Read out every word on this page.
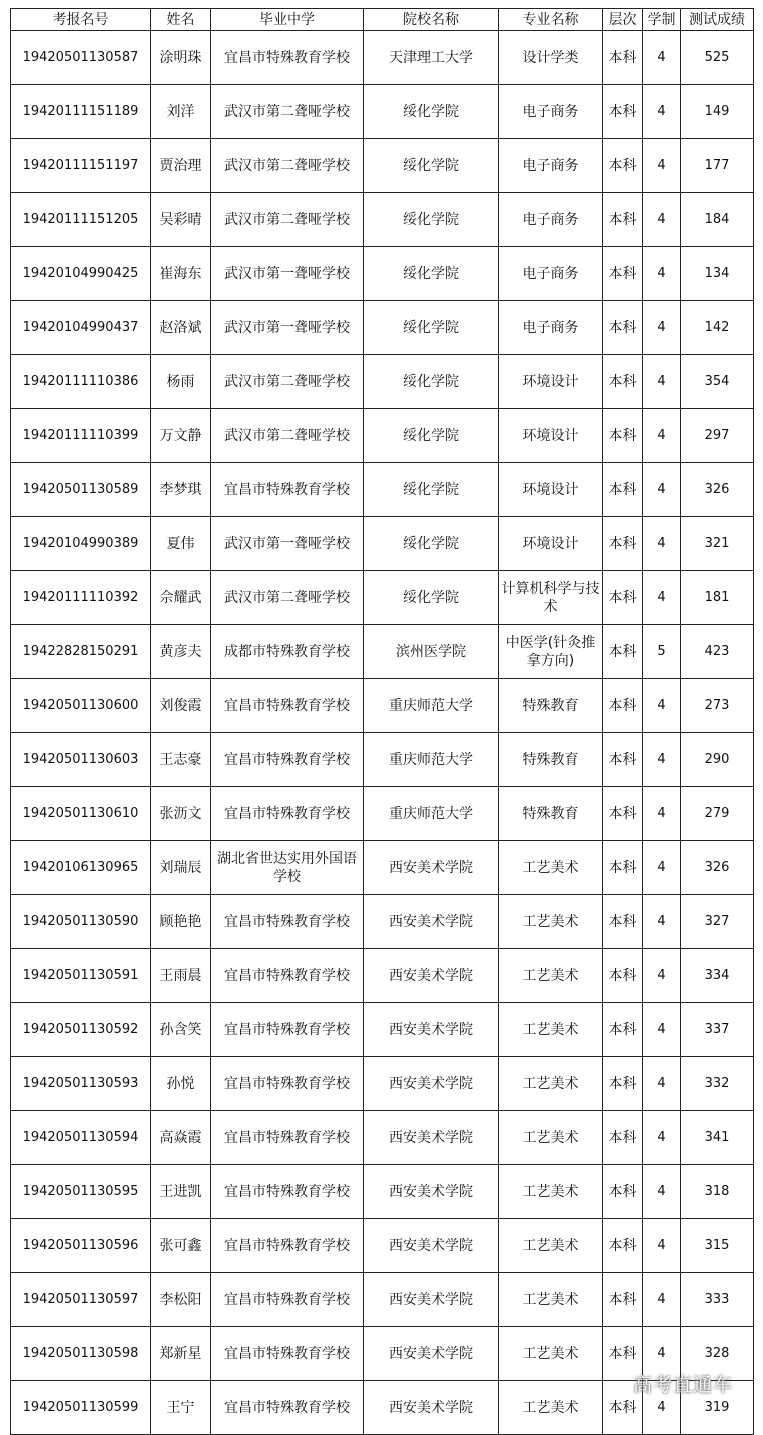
考报名号	姓名	毕业中学	院校名称	专业名称	层次	学制	测试成绩
19420501130587	涂明珠	宜昌市特殊教育学校	天津理工大学	设计学类	本科	4	525
19420111151189	刘洋	武汉市第二聋哑学校	绥化学院	电子商务	本科	4	149
19420111151197	贾治理	武汉市第二聋哑学校	绥化学院	电子商务	本科	4	177
19420111151205	吴彩晴	武汉市第二聋哑学校	绥化学院	电子商务	本科	4	184
19420104990425	崔海东	武汉市第一聋哑学校	绥化学院	电子商务	本科	4	134
19420104990437	赵洛斌	武汉市第一聋哑学校	绥化学院	电子商务	本科	4	142
19420111110386	杨雨	武汉市第二聋哑学校	绥化学院	环境设计	本科	4	354
19420111110399	万文静	武汉市第二聋哑学校	绥化学院	环境设计	本科	4	297
19420501130589	李梦琪	宜昌市特殊教育学校	绥化学院	环境设计	本科	4	326
19420104990389	夏伟	武汉市第一聋哑学校	绥化学院	环境设计	本科	4	321
19420111110392	佘耀武	武汉市第二聋哑学校	绥化学院	计算机科学与技术	本科	4	181
19422828150291	黄彦夫	成都市特殊教育学校	滨州医学院	中医学(针灸推拿方向)	本科	5	423
19420501130600	刘俊霞	宜昌市特殊教育学校	重庆师范大学	特殊教育	本科	4	273
19420501130603	王志豪	宜昌市特殊教育学校	重庆师范大学	特殊教育	本科	4	290
19420501130610	张沥文	宜昌市特殊教育学校	重庆师范大学	特殊教育	本科	4	279
19420106130965	刘瑞辰	湖北省世达实用外国语学校	西安美术学院	工艺美术	本科	4	326
19420501130590	顾艳艳	宜昌市特殊教育学校	西安美术学院	工艺美术	本科	4	327
19420501130591	王雨晨	宜昌市特殊教育学校	西安美术学院	工艺美术	本科	4	334
19420501130592	孙含笑	宜昌市特殊教育学校	西安美术学院	工艺美术	本科	4	337
19420501130593	孙悦	宜昌市特殊教育学校	西安美术学院	工艺美术	本科	4	332
19420501130594	高焱霞	宜昌市特殊教育学校	西安美术学院	工艺美术	本科	4	341
19420501130595	王进凯	宜昌市特殊教育学校	西安美术学院	工艺美术	本科	4	318
19420501130596	张可鑫	宜昌市特殊教育学校	西安美术学院	工艺美术	本科	4	315
19420501130597	李松阳	宜昌市特殊教育学校	西安美术学院	工艺美术	本科	4	333
19420501130598	郑新星	宜昌市特殊教育学校	西安美术学院	工艺美术	本科	4	328
19420501130599	王宁	宜昌市特殊教育学校	西安美术学院	工艺美术	本科	4	319
高考直通车
